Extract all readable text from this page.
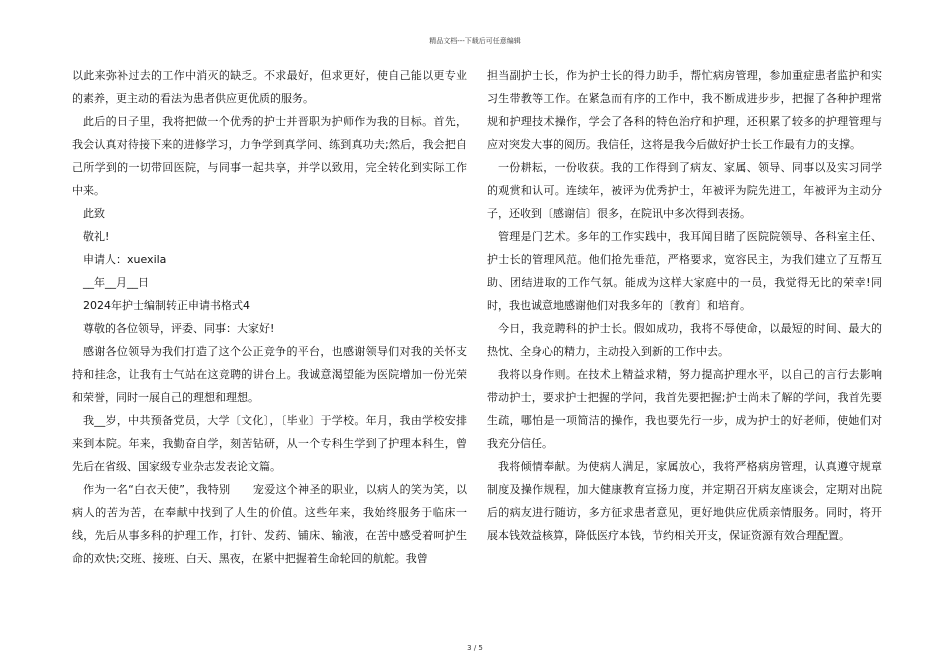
精品文档---下载后可任意编辑

以此来弥补过去的工作中消灭的缺乏。不求最好，但求更好，使自己能以更专业的素养，更主动的看法为患者供应更优质的服务。

此后的日子里，我将把做一个优秀的护士并晋职为护师作为我的目标。首先，我会认真对待接下来的进修学习，力争学到真学问、练到真功夫;然后，我会把自己所学到的一切带回医院，与同事一起共享，并学以致用，完全转化到实际工作中来。

此致

敬礼!

申请人：xuexila

__年__月__日

2024年护士编制转正申请书格式4

尊敬的各位领导，评委、同事：大家好!

感谢各位领导为我们打造了这个公正竞争的平台，也感谢领导们对我的关怀支持和挂念，让我有士气站在这竞聘的讲台上。我诚意渴望能为医院增加一份光荣和荣誉，同时一展自己的理想和理想。

我__岁，中共预备党员，大学〔文化〕，〔毕业〕于学校。年月，我由学校安排来到本院。年来，我勤奋自学，刻苦钻研，从一个专科生学到了护理本科生，曾先后在省级、国家级专业杂志发表论文篇。

作为一名“白衣天使”，我特别　　宠爱这个神圣的职业，以病人的笑为笑，以病人的苦为苦，在奉献中找到了人生的价值。这些年来，我始终服务于临床一线，先后从事多科的护理工作，打针、发药、铺床、输液，在苦中感受着呵护生命的欢快;交班、接班、白天、黑夜，在紧中把握着生命轮回的航舵。我曾

担当副护士长，作为护士长的得力助手，帮忙病房管理，参加重症患者监护和实习生带教等工作。在紧急而有序的工作中，我不断成进步步，把握了各种护理常规和护理技术操作，学会了各科的特色治疗和护理，还积累了较多的护理管理与应对突发大事的阅历。我信任，这将是我今后做好护士长工作最有力的支撑。

一份耕耘，一份收获。我的工作得到了病友、家属、领导、同事以及实习同学的观赏和认可。连续年，被评为优秀护士，年被评为院先进工，年被评为主动分子，还收到〔感谢信〕很多，在院讯中多次得到表扬。

管理是门艺术。多年的工作实践中，我耳闻目睹了医院院领导、各科室主任、护士长的管理风范。他们抢先垂范，严格要求，宽容民主，为我们建立了互帮互助、团结进取的工作气氛。能成为这样大家庭中的一员，我觉得无比的荣幸!同时，我也诚意地感谢他们对我多年的〔教育〕和培育。

今日，我竞聘科的护士长。假如成功，我将不辱使命，以最短的时间、最大的热忱、全身心的精力，主动投入到新的工作中去。

我将以身作则。在技术上精益求精，努力提高护理水平，以自己的言行去影响带动护士，要求护士把握的学问，我首先要把握;护士尚未了解的学问，我首先要生疏，哪怕是一项简洁的操作，我也要先行一步，成为护士的好老师，使她们对我充分信任。

我将倾情奉献。为使病人满足，家属放心，我将严格病房管理，认真遵守规章制度及操作规程，加大健康教育宣扬力度，并定期召开病友座谈会，定期对出院后的病友进行随访，多方征求患者意见，更好地供应优质亲情服务。同时，将开展本钱效益核算，降低医疗本钱，节约相关开支，保证资源有效合理配置。

3 / 5
